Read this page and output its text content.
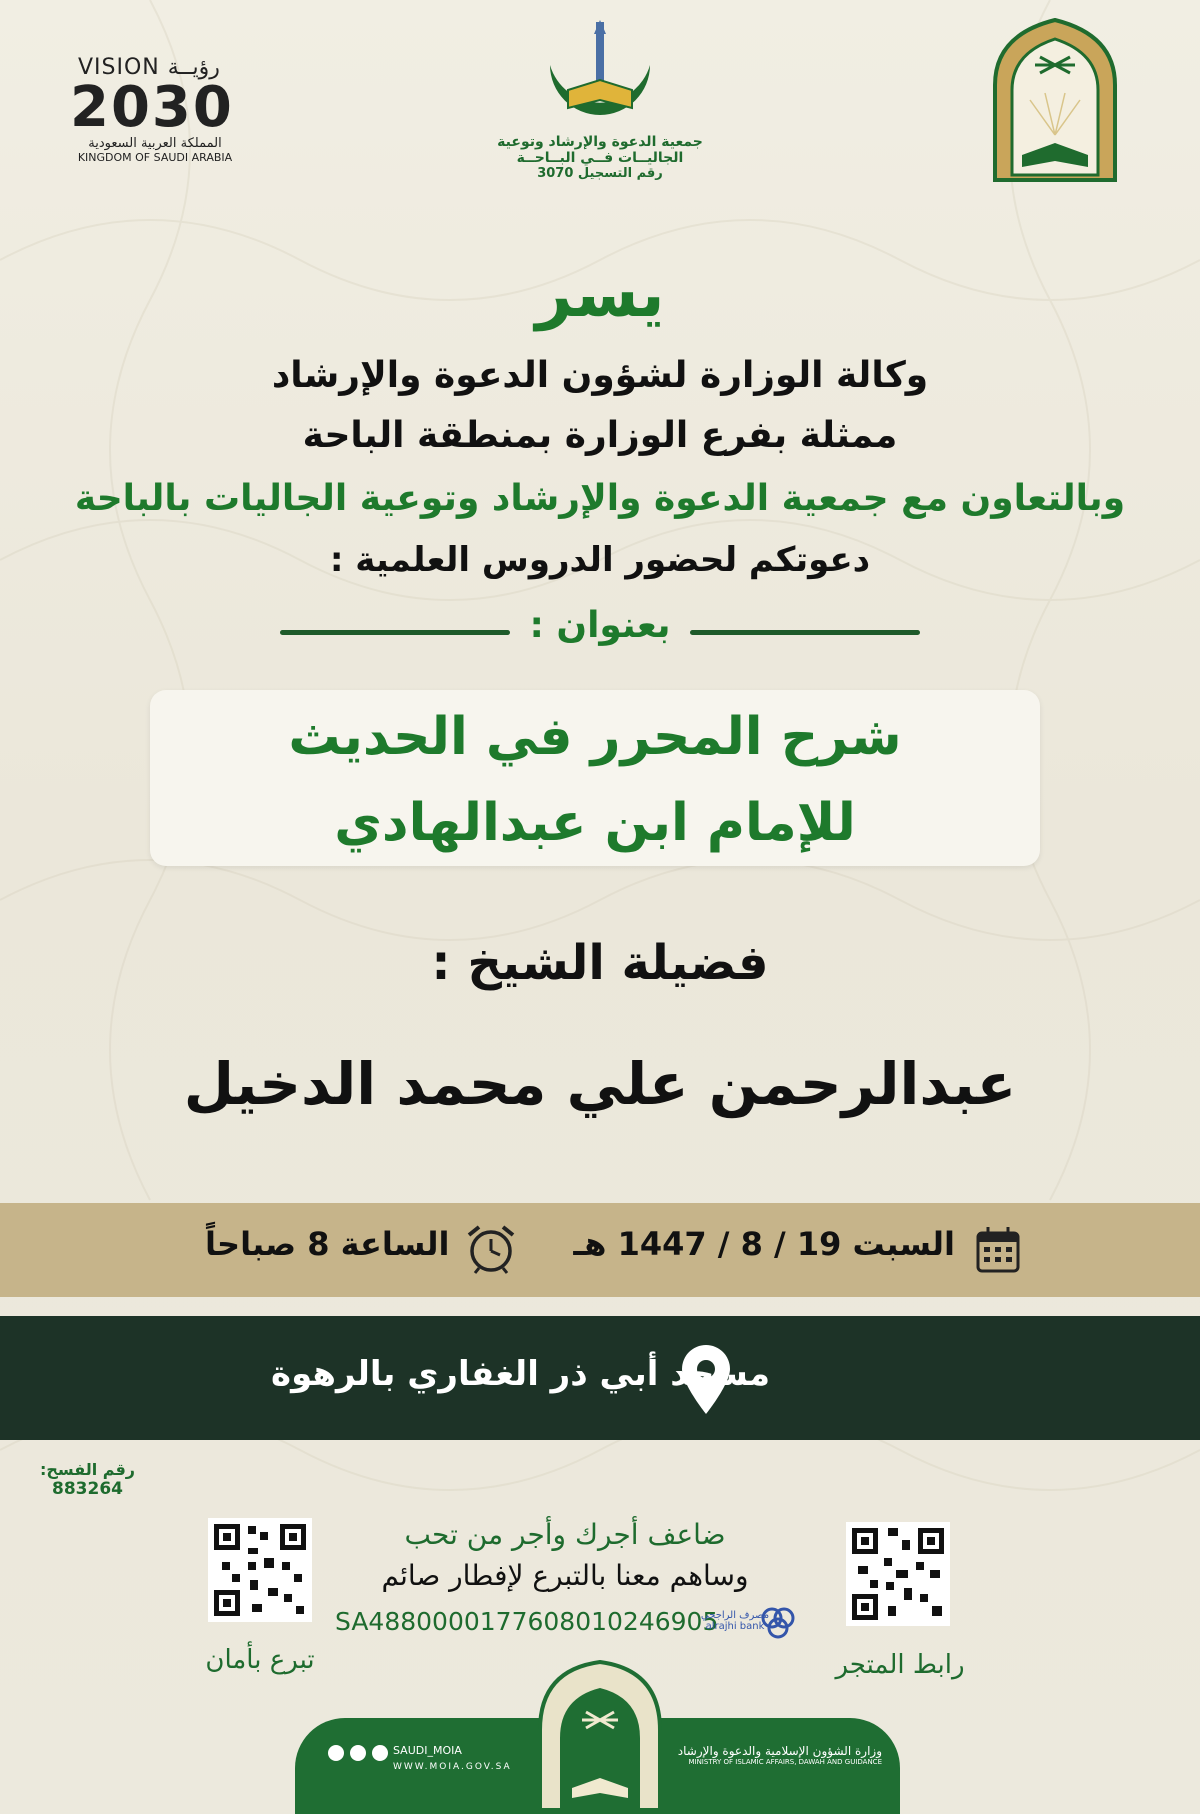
VISION رؤيــة
2030
المملكة العربية السعودية
KINGDOM OF SAUDI ARABIA
جمعية الدعوة والإرشاد وتوعية
الجاليــات فــي البــاحــة
رقم التسجيل 3070
يسر
وكالة الوزارة لشؤون الدعوة والإرشاد
ممثلة بفرع الوزارة بمنطقة الباحة
وبالتعاون مع جمعية الدعوة والإرشاد وتوعية الجاليات بالباحة
دعوتكم لحضور الدروس العلمية :
بعنوان :
شرح المحرر في الحديث
للإمام ابن عبدالهادي
فضيلة الشيخ :
عبدالرحمن علي محمد الدخيل
السبت 19 / 8 / 1447 هـ
الساعة 8 صباحاً
مسجد أبي ذر الغفاري بالرهوة
رقم الفسح:
883264
تبرع بأمان	رابط المتجر
ضاعف أجرك وأجر من تحب
وساهم معنا بالتبرع لإفطار صائم
SA4880000177608010246905
مصرف الراجحي
alrajhi bank
وزارة الشؤون الإسلامية والدعوة والإرشاد
MINISTRY OF ISLAMIC AFFAIRS, DAWAH AND GUIDANCE
SAUDI_MOIA
WWW.MOIA.GOV.SA
